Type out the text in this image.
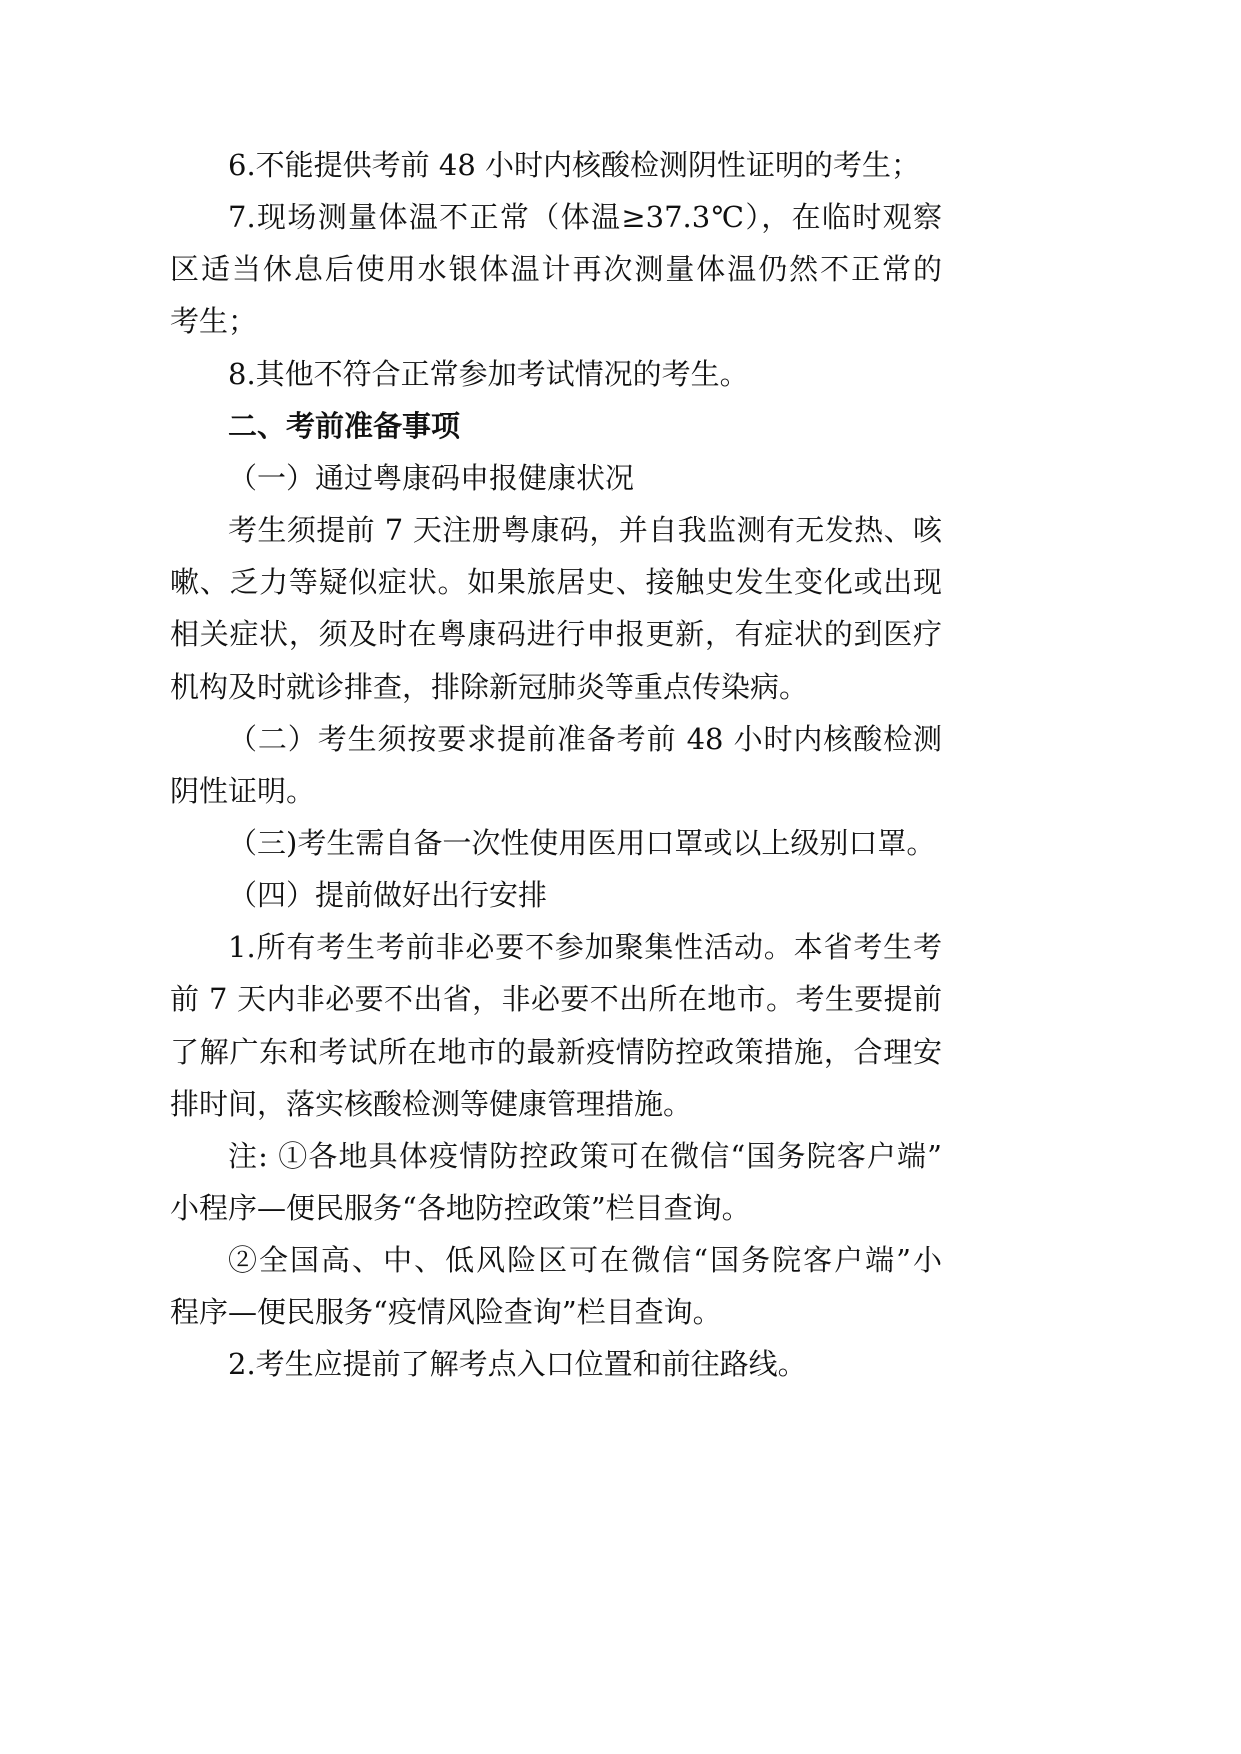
6.不能提供考前 48 小时内核酸检测阴性证明的考生；
7.现场测量体温不正常（体温≥37.3℃），在临时观察
区适当休息后使用水银体温计再次测量体温仍然不正常的
考生；
8.其他不符合正常参加考试情况的考生。
二、考前准备事项
（一）通过粤康码申报健康状况
考生须提前 7 天注册粤康码，并自我监测有无发热、咳
嗽、乏力等疑似症状。如果旅居史、接触史发生变化或出现
相关症状，须及时在粤康码进行申报更新，有症状的到医疗
机构及时就诊排查，排除新冠肺炎等重点传染病。
（二）考生须按要求提前准备考前 48 小时内核酸检测
阴性证明。
（三)考生需自备一次性使用医用口罩或以上级别口罩。
（四）提前做好出行安排
1.所有考生考前非必要不参加聚集性活动。本省考生考
前 7 天内非必要不出省，非必要不出所在地市。考生要提前
了解广东和考试所在地市的最新疫情防控政策措施，合理安
排时间，落实核酸检测等健康管理措施。
注: ①各地具体疫情防控政策可在微信“国务院客户端”
小程序—便民服务“各地防控政策”栏目查询。
②全国高、中、低风险区可在微信“国务院客户端”小
程序—便民服务“疫情风险查询”栏目查询。
2.考生应提前了解考点入口位置和前往路线。
